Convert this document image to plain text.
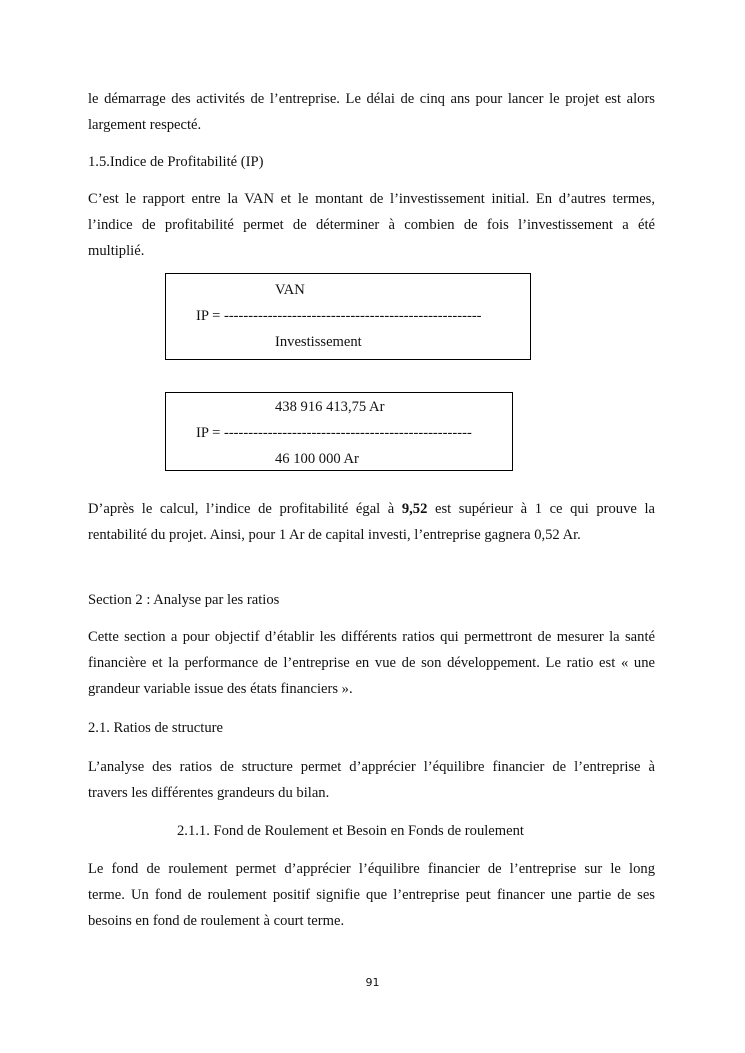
le démarrage des activités de l’entreprise. Le délai de cinq ans pour lancer le projet est alors
largement respecté.

1.5.Indice de Profitabilité (IP)

C’est le rapport entre la VAN et le montant de l’investissement initial. En d’autres termes,
l’indice de profitabilité permet de déterminer à combien de fois l’investissement a été
multiplié.

VAN
IP = -----------------------------------------------------
Investissement
438 916 413,75 Ar
IP = ---------------------------------------------------
46 100 000 Ar

D’après le calcul, l’indice de profitabilité égal à 9,52 est supérieur à 1 ce qui prouve la
rentabilité du projet. Ainsi, pour 1 Ar de capital investi, l’entreprise gagnera 0,52 Ar.

Section 2 : Analyse par les ratios

Cette section a pour objectif d’établir les différents ratios qui permettront de mesurer la santé
financière et la performance de l’entreprise en vue de son développement. Le ratio est « une
grandeur variable issue des états financiers ».

2.1. Ratios de structure

L’analyse des ratios de structure permet d’apprécier l’équilibre financier de l’entreprise à
travers les différentes grandeurs du bilan.

2.1.1. Fond de Roulement et Besoin en Fonds de roulement

Le fond de roulement permet d’apprécier l’équilibre financier de l’entreprise sur le long
terme. Un fond de roulement positif signifie que l’entreprise peut financer une partie de ses
besoins en fond de roulement à court terme.

91
